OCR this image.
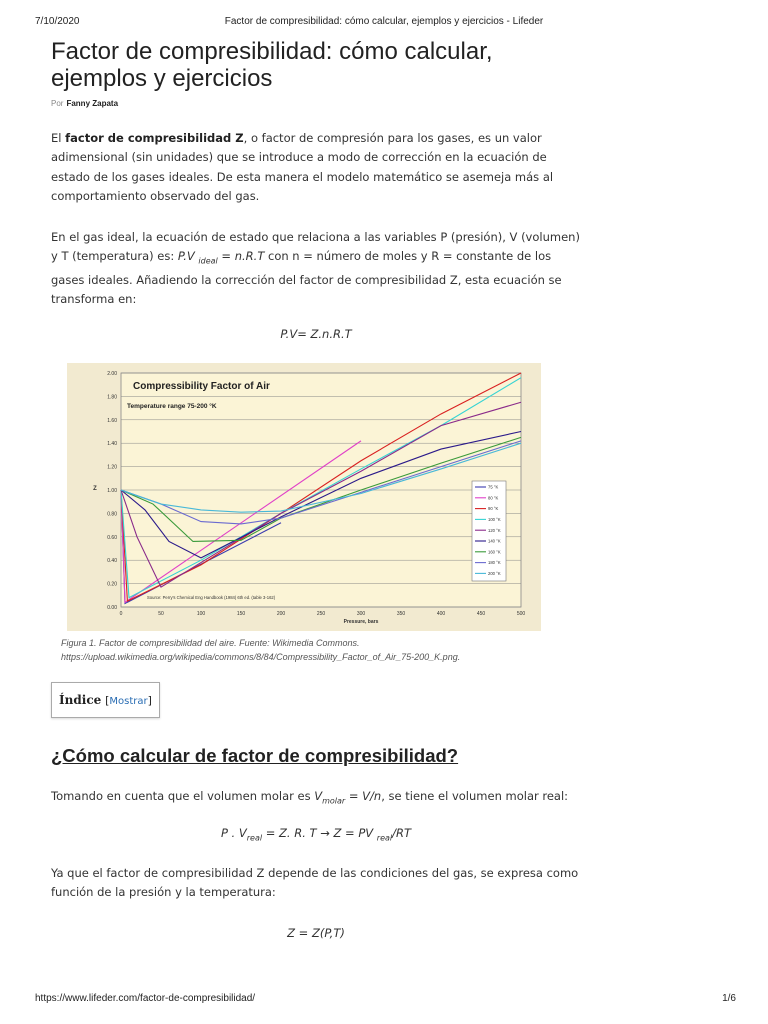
7/10/2020	Factor de compresibilidad: cómo calcular, ejemplos y ejercicios - Lifeder
Factor de compresibilidad: cómo calcular, ejemplos y ejercicios
Por Fanny Zapata

El factor de compresibilidad Z, o factor de compresión para los gases, es un valor adimensional (sin unidades) que se introduce a modo de corrección en la ecuación de estado de los gases ideales. De esta manera el modelo matemático se asemeja más al comportamiento observado del gas.

En el gas ideal, la ecuación de estado que relaciona a las variables P (presión), V (volumen) y T (temperatura) es: P.V $_{ideal}$ = n.R.T con n = número de moles y R = constante de los gases ideales. Añadiendo la corrección del factor de compresibilidad Z, esta ecuación se transforma en:

P.V= Z.n.R.T

0.00
0.20
0.40
0.60
0.80
1.00
1.20
1.40
1.60
1.80
2.00
0	50	100	150	200	250	300	350	400	450	500
Pressure, bars
Z
Compressibility Factor of Air
Temperature range 75-200 °K
Source: Perry's Chemical Eng Handbook (1984) 6th ed. (table 3-162)
75 °K
80 °K
90 °K
100 °K
120 °K
140 °K
160 °K
180 °K
200 °K
Figura 1. Factor de compresibilidad del aire. Fuente: Wikimedia Commons.
https://upload.wikimedia.org/wikipedia/commons/8/84/Compressibility_Factor_of_Air_75-200_K.png.
Índice [Mostrar]
¿Cómo calcular de factor de compresibilidad?

Tomando en cuenta que el volumen molar es $V_{molar} = V/n$, se tiene el volumen molar real:

P . $V_{real} = Z$. R. T → Z = PV $_{real}$/RT

Ya que el factor de compresibilidad Z depende de las condiciones del gas, se expresa como función de la presión y la temperatura:

Z = Z(P,T)

https://www.lifeder.com/factor-de-compresibilidad/	1/6
